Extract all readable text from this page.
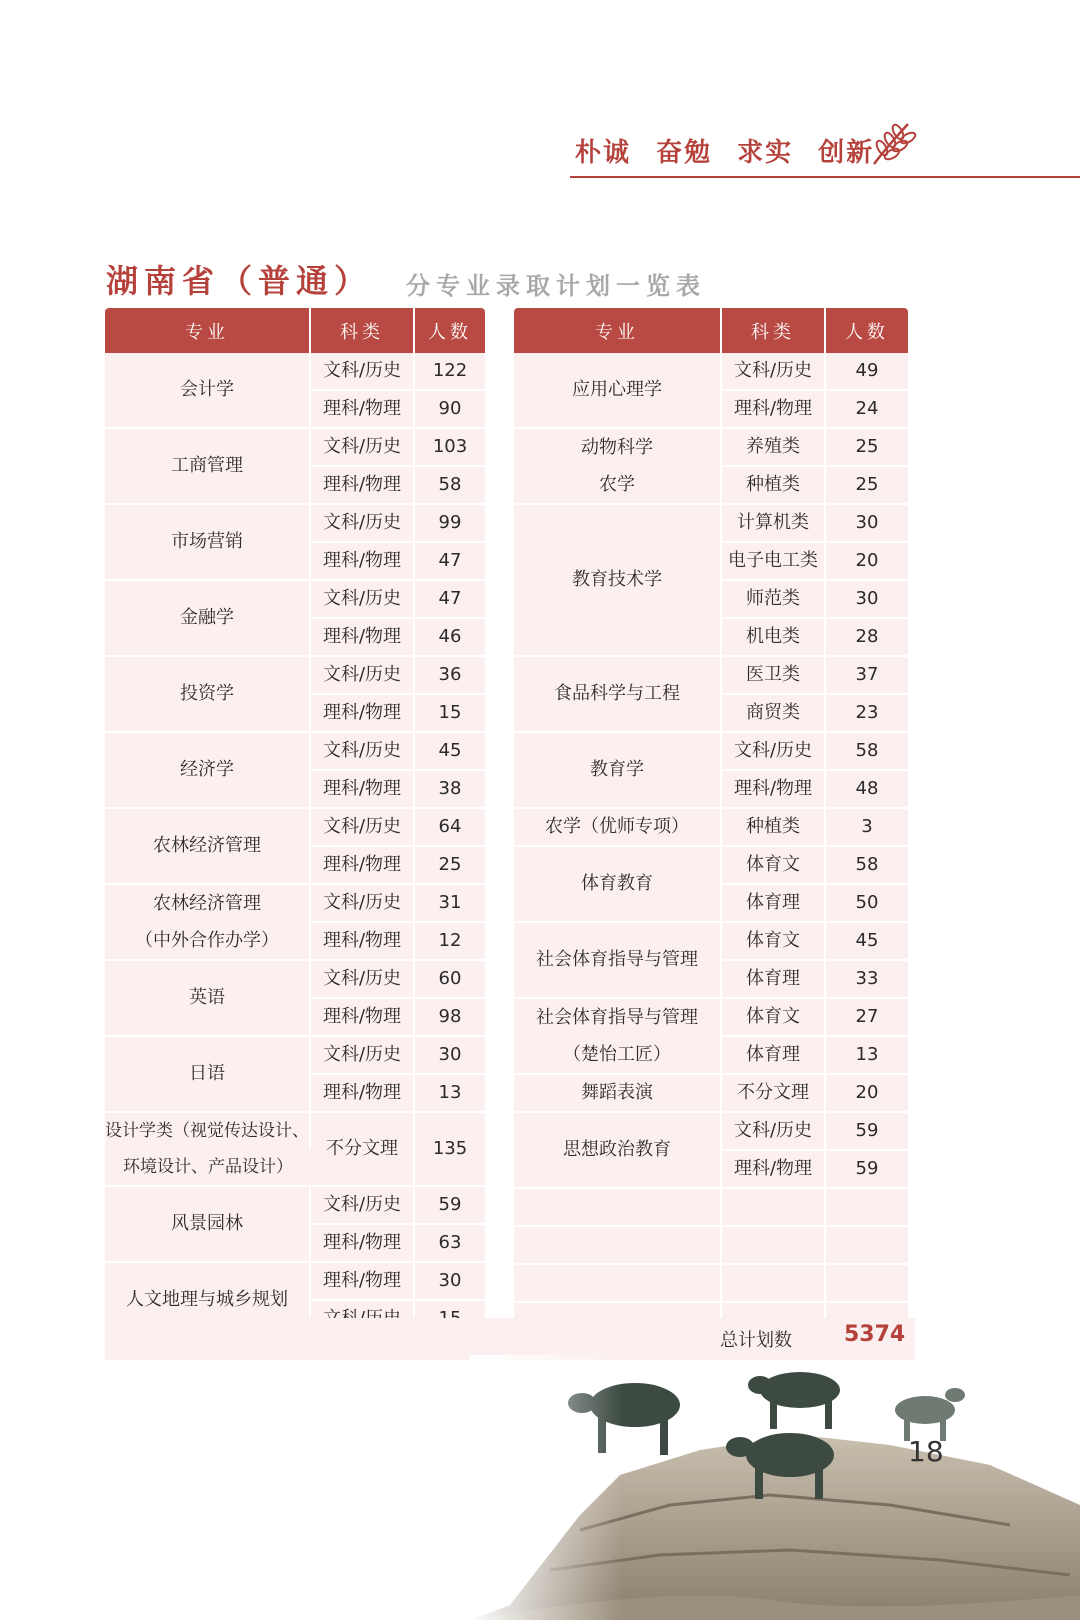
朴诚 奋勉 求实 创新
湖南省（普通） 分专业录取计划一览表
专业	科类	人数
会计学	文科/历史	122
	理科/物理	90
工商管理	文科/历史	103
	理科/物理	58
市场营销	文科/历史	99
	理科/物理	47
金融学	文科/历史	47
	理科/物理	46
投资学	文科/历史	36
	理科/物理	15
经济学	文科/历史	45
	理科/物理	38
农林经济管理	文科/历史	64
	理科/物理	25
农林经济管理	文科/历史	31
（中外合作办学）	理科/物理	12
英语	文科/历史	60
	理科/物理	98
日语	文科/历史	30
	理科/物理	13
设计学类（视觉传达设计、	不分文理	135
环境设计、产品设计）		
风景园林	文科/历史	59
	理科/物理	63
人文地理与城乡规划	理科/物理	30

专业	科类	人数
应用心理学	文科/历史	49
	理科/物理	24
动物科学	养殖类	25
农学	种植类	25
教育技术学	计算机类	30
	电子电工类	20
	师范类	30
	机电类	28
食品科学与工程	医卫类	37
	商贸类	23
教育学	文科/历史	58
	理科/物理	48
农学（优师专项）	种植类	3
体育教育	体育文	58
	体育理	50
社会体育指导与管理	体育文	45
	体育理	33
社会体育指导与管理	体育文	27
（楚怡工匠）	体育理	13
舞蹈表演	不分文理	20
思想政治教育	文科/历史	59
	理科/物理	59

总计划数 5374
18
